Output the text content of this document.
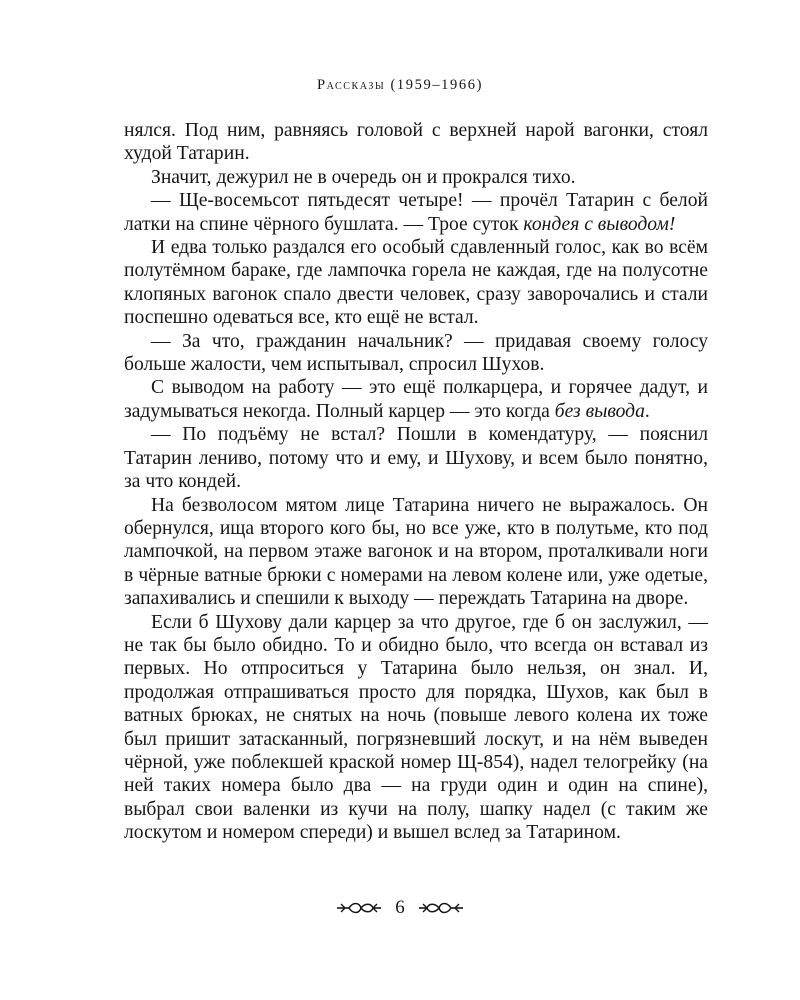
Рассказы (1959–1966)

нялся. Под ним, равняясь головой с верхней нарой вагонки, стоял худой Татарин.

Значит, дежурил не в очередь он и прокрался тихо.

— Ще-восемьсот пятьдесят четыре! — прочёл Татарин с белой латки на спине чёрного бушлата. — Трое суток кондея с выводом!

И едва только раздался его особый сдавленный голос, как во всём полутёмном бараке, где лампочка горела не каждая, где на полусотне клопяных вагонок спало двести человек, сразу заворочались и стали поспешно одеваться все, кто ещё не встал.

— За что, гражданин начальник? — придавая своему голосу больше жалости, чем испытывал, спросил Шухов.

С выводом на работу — это ещё полкарцера, и горячее дадут, и задумываться некогда. Полный карцер — это когда без вывода.

— По подъёму не встал? Пошли в комендатуру, — пояснил Татарин лениво, потому что и ему, и Шухову, и всем было понятно, за что кондей.

На безволосом мятом лице Татарина ничего не выражалось. Он обернулся, ища второго кого бы, но все уже, кто в полутьме, кто под лампочкой, на первом этаже вагонок и на втором, проталкивали ноги в чёрные ватные брюки с номерами на левом колене или, уже одетые, запахивались и спешили к выходу — переждать Татарина на дворе.

Если б Шухову дали карцер за что другое, где б он заслужил, — не так бы было обидно. То и обидно было, что всегда он вставал из первых. Но отпроситься у Татарина было нельзя, он знал. И, продолжая отпрашиваться просто для порядка, Шухов, как был в ватных брюках, не снятых на ночь (повыше левого колена их тоже был пришит затасканный, погрязневший лоскут, и на нём выведен чёрной, уже поблекшей краской номер Щ-854), надел телогрейку (на ней таких номера было два — на груди один и один на спине), выбрал свои валенки из кучи на полу, шапку надел (с таким же лоскутом и номером спереди) и вышел вслед за Татарином.

6
